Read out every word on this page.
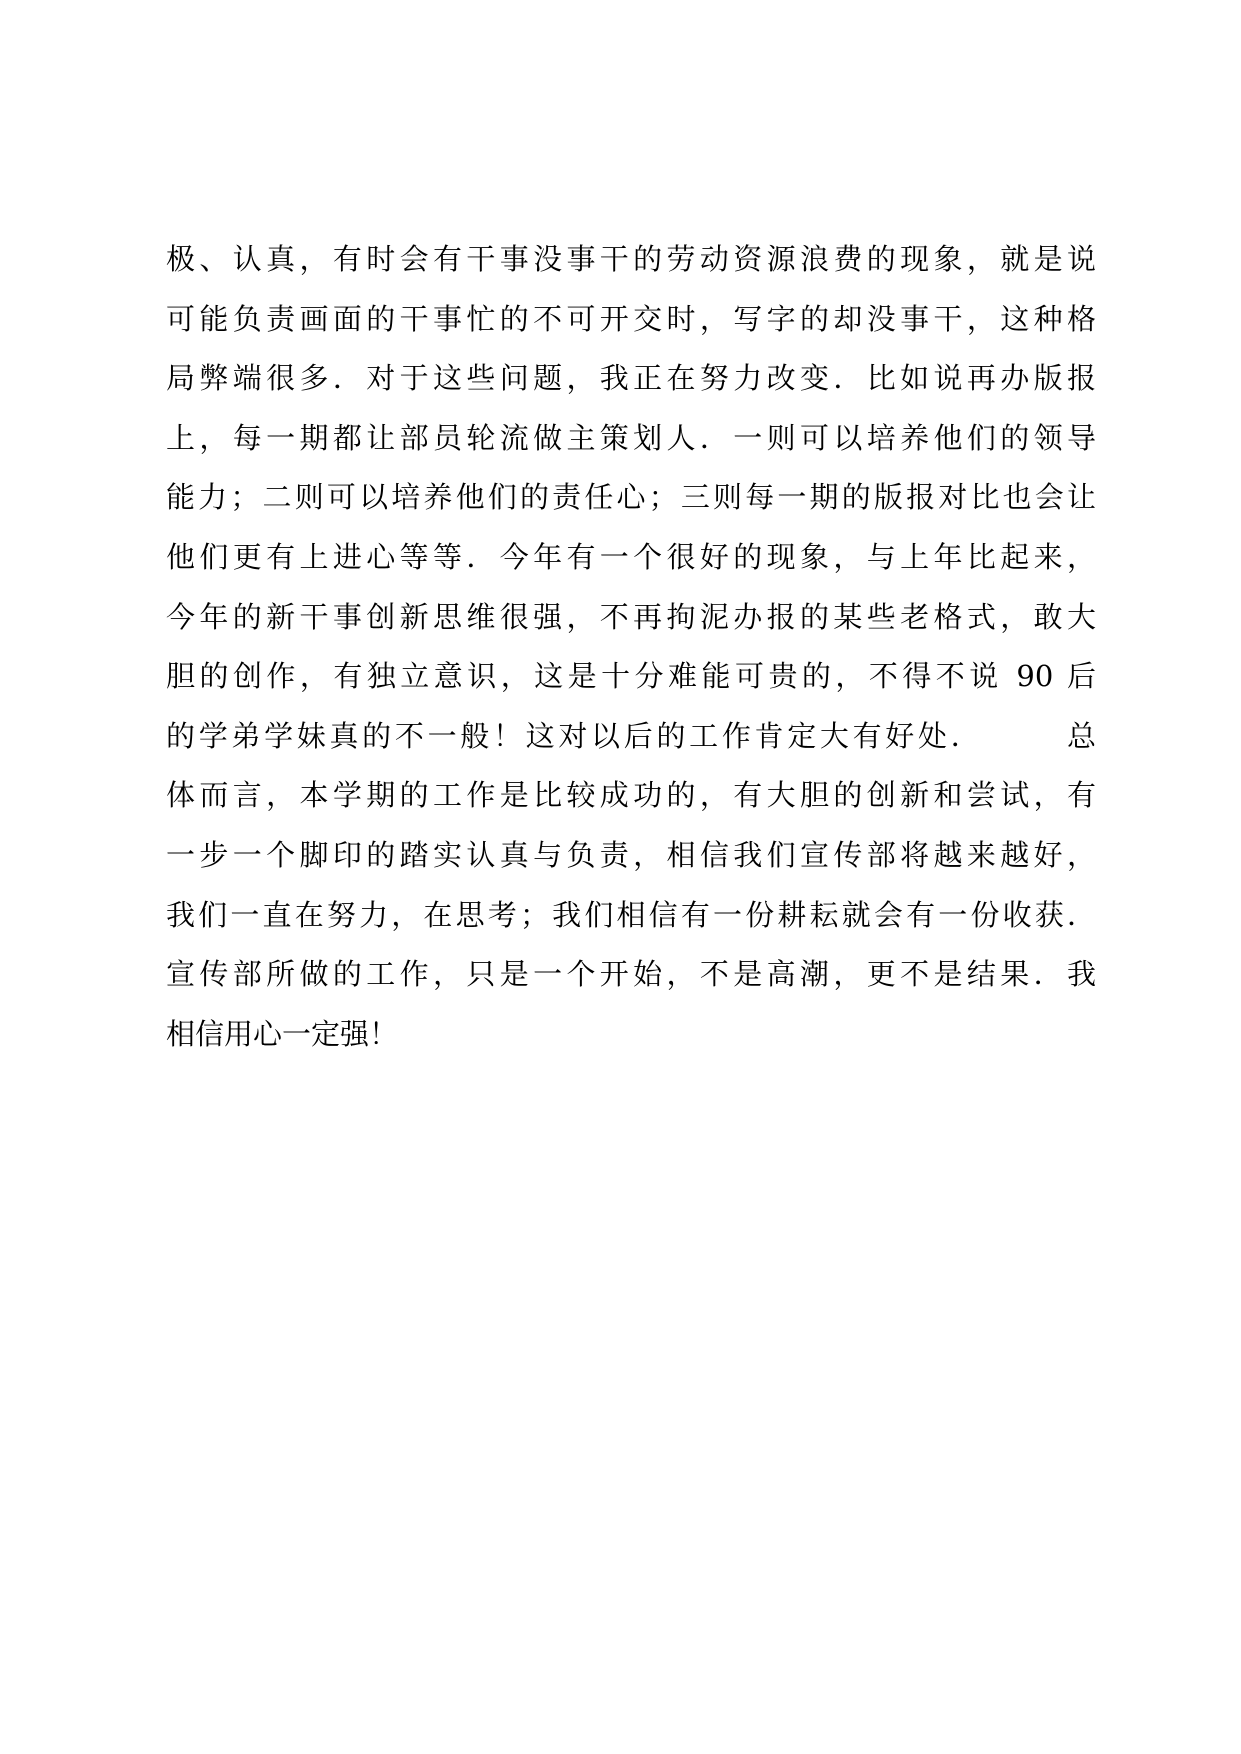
极、认真，有时会有干事没事干的劳动资源浪费的现象，就是说
可能负责画面的干事忙的不可开交时，写字的却没事干，这种格
局弊端很多．对于这些问题，我正在努力改变．比如说再办版报
上，每一期都让部员轮流做主策划人．一则可以培养他们的领导
能力；二则可以培养他们的责任心；三则每一期的版报对比也会让
他们更有上进心等等．今年有一个很好的现象，与上年比起来，
今年的新干事创新思维很强，不再拘泥办报的某些老格式，敢大
胆的创作，有独立意识，这是十分难能可贵的，不得不说 90 后
的学弟学妹真的不一般！这对以后的工作肯定大有好处．　　　总
体而言，本学期的工作是比较成功的，有大胆的创新和尝试，有
一步一个脚印的踏实认真与负责，相信我们宣传部将越来越好，
我们一直在努力，在思考；我们相信有一份耕耘就会有一份收获．
宣传部所做的工作，只是一个开始，不是高潮，更不是结果．我
相信用心一定强！
